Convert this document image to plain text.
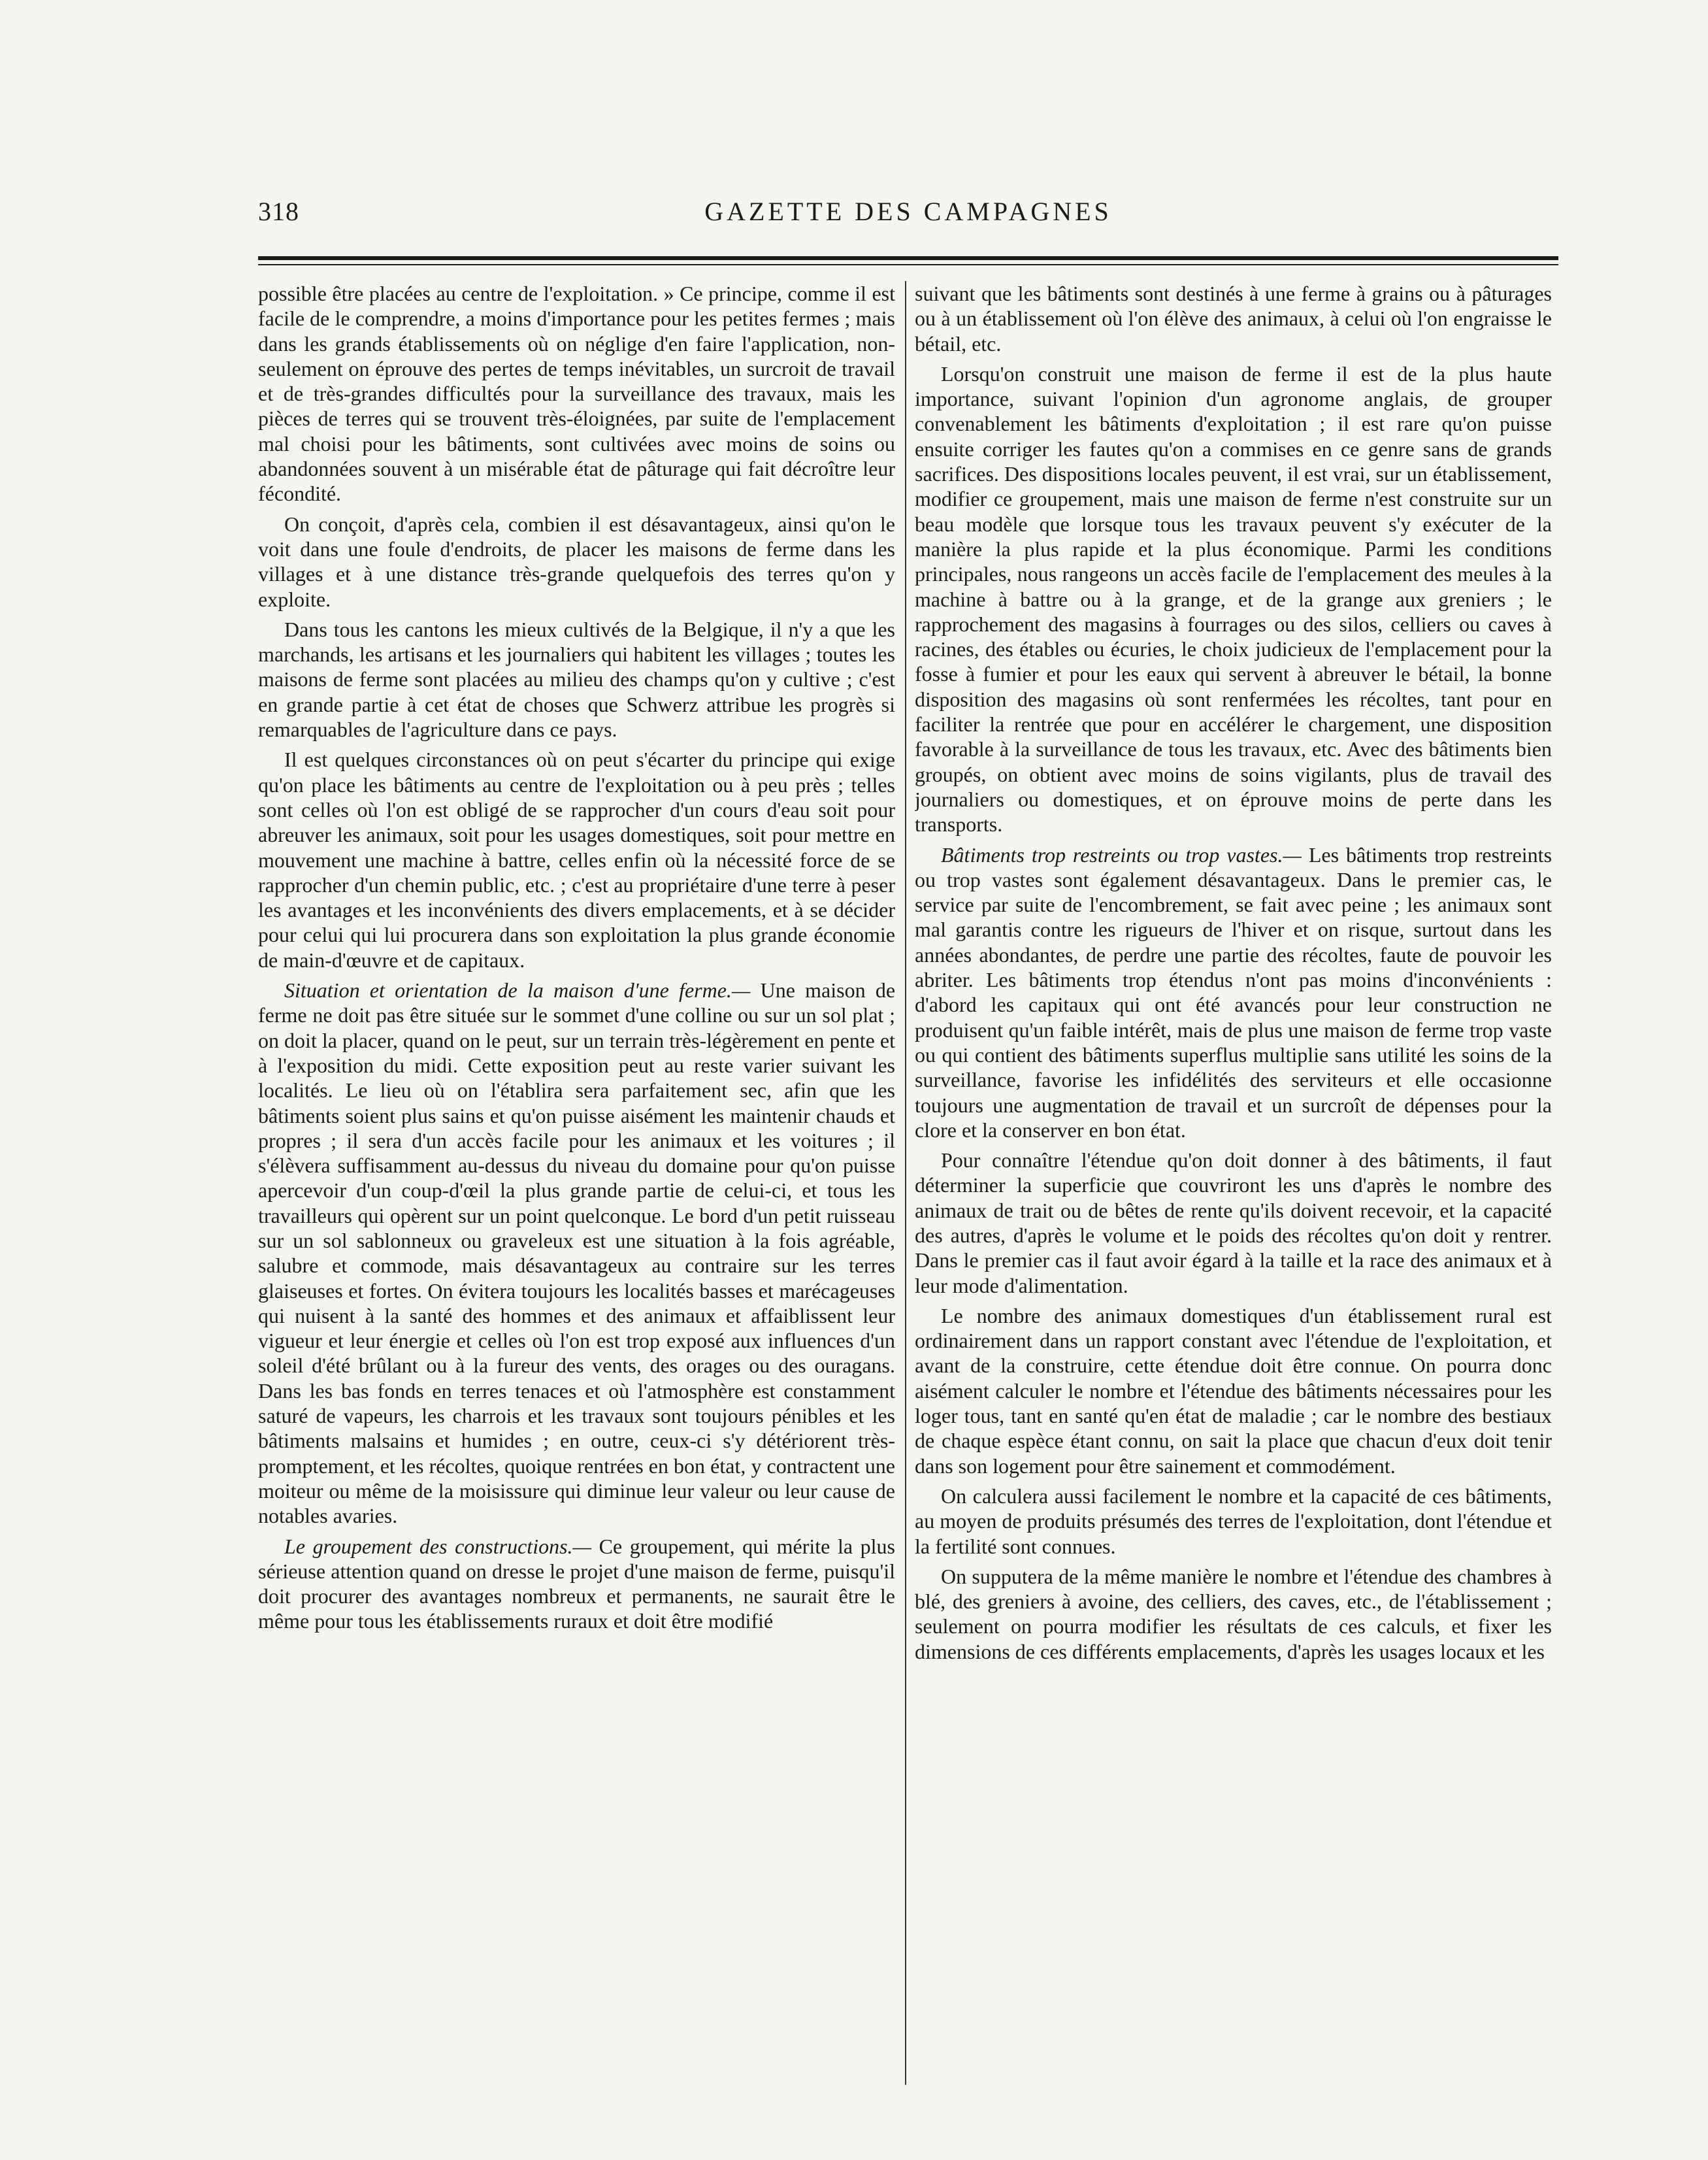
318	GAZETTE DES CAMPAGNES

possible être placées au centre de l'exploitation. » Ce principe, comme il est facile de le comprendre, a moins d'importance pour les petites fermes ; mais dans les grands établissements où on néglige d'en faire l'application, non-seulement on éprouve des pertes de temps inévitables, un surcroit de travail et de très-grandes difficultés pour la surveillance des travaux, mais les pièces de terres qui se trouvent très-éloignées, par suite de l'emplacement mal choisi pour les bâtiments, sont cultivées avec moins de soins ou abandonnées souvent à un misérable état de pâturage qui fait décroître leur fécondité.

On conçoit, d'après cela, combien il est désavantageux, ainsi qu'on le voit dans une foule d'endroits, de placer les maisons de ferme dans les villages et à une distance très-grande quelquefois des terres qu'on y exploite.

Dans tous les cantons les mieux cultivés de la Belgique, il n'y a que les marchands, les artisans et les journaliers qui habitent les villages ; toutes les maisons de ferme sont placées au milieu des champs qu'on y cultive ; c'est en grande partie à cet état de choses que Schwerz attribue les progrès si remarquables de l'agriculture dans ce pays.

Il est quelques circonstances où on peut s'écarter du principe qui exige qu'on place les bâtiments au centre de l'exploitation ou à peu près ; telles sont celles où l'on est obligé de se rapprocher d'un cours d'eau soit pour abreuver les animaux, soit pour les usages domestiques, soit pour mettre en mouvement une machine à battre, celles enfin où la nécessité force de se rapprocher d'un chemin public, etc. ; c'est au propriétaire d'une terre à peser les avantages et les inconvénients des divers emplacements, et à se décider pour celui qui lui procurera dans son exploitation la plus grande économie de main-d'œuvre et de capitaux.

Situation et orientation de la maison d'une ferme.— Une maison de ferme ne doit pas être située sur le sommet d'une colline ou sur un sol plat ; on doit la placer, quand on le peut, sur un terrain très-légèrement en pente et à l'exposition du midi. Cette exposition peut au reste varier suivant les localités. Le lieu où on l'établira sera parfaitement sec, afin que les bâtiments soient plus sains et qu'on puisse aisément les maintenir chauds et propres ; il sera d'un accès facile pour les animaux et les voitures ; il s'élèvera suffisamment au-dessus du niveau du domaine pour qu'on puisse apercevoir d'un coup-d'œil la plus grande partie de celui-ci, et tous les travailleurs qui opèrent sur un point quelconque. Le bord d'un petit ruisseau sur un sol sablonneux ou graveleux est une situation à la fois agréable, salubre et commode, mais désavantageux au contraire sur les terres glaiseuses et fortes. On évitera toujours les localités basses et marécageuses qui nuisent à la santé des hommes et des animaux et affaiblissent leur vigueur et leur énergie et celles où l'on est trop exposé aux influences d'un soleil d'été brûlant ou à la fureur des vents, des orages ou des ouragans. Dans les bas fonds en terres tenaces et où l'atmosphère est constamment saturé de vapeurs, les charrois et les travaux sont toujours pénibles et les bâtiments malsains et humides ; en outre, ceux-ci s'y détériorent très-promptement, et les récoltes, quoique rentrées en bon état, y contractent une moiteur ou même de la moisissure qui diminue leur valeur ou leur cause de notables avaries.

Le groupement des constructions.— Ce groupement, qui mérite la plus sérieuse attention quand on dresse le projet d'une maison de ferme, puisqu'il doit procurer des avantages nombreux et permanents, ne saurait être le même pour tous les établissements ruraux et doit être modifié

suivant que les bâtiments sont destinés à une ferme à grains ou à pâturages ou à un établissement où l'on élève des animaux, à celui où l'on engraisse le bétail, etc.

Lorsqu'on construit une maison de ferme il est de la plus haute importance, suivant l'opinion d'un agronome anglais, de grouper convenablement les bâtiments d'exploitation ; il est rare qu'on puisse ensuite corriger les fautes qu'on a commises en ce genre sans de grands sacrifices. Des dispositions locales peuvent, il est vrai, sur un établissement, modifier ce groupement, mais une maison de ferme n'est construite sur un beau modèle que lorsque tous les travaux peuvent s'y exécuter de la manière la plus rapide et la plus économique. Parmi les conditions principales, nous rangeons un accès facile de l'emplacement des meules à la machine à battre ou à la grange, et de la grange aux greniers ; le rapprochement des magasins à fourrages ou des silos, celliers ou caves à racines, des étables ou écuries, le choix judicieux de l'emplacement pour la fosse à fumier et pour les eaux qui servent à abreuver le bétail, la bonne disposition des magasins où sont renfermées les récoltes, tant pour en faciliter la rentrée que pour en accélérer le chargement, une disposition favorable à la surveillance de tous les travaux, etc. Avec des bâtiments bien groupés, on obtient avec moins de soins vigilants, plus de travail des journaliers ou domestiques, et on éprouve moins de perte dans les transports.

Bâtiments trop restreints ou trop vastes.— Les bâtiments trop restreints ou trop vastes sont également désavantageux. Dans le premier cas, le service par suite de l'encombrement, se fait avec peine ; les animaux sont mal garantis contre les rigueurs de l'hiver et on risque, surtout dans les années abondantes, de perdre une partie des récoltes, faute de pouvoir les abriter. Les bâtiments trop étendus n'ont pas moins d'inconvénients : d'abord les capitaux qui ont été avancés pour leur construction ne produisent qu'un faible intérêt, mais de plus une maison de ferme trop vaste ou qui contient des bâtiments superflus multiplie sans utilité les soins de la surveillance, favorise les infidélités des serviteurs et elle occasionne toujours une augmentation de travail et un surcroît de dépenses pour la clore et la conserver en bon état.

Pour connaître l'étendue qu'on doit donner à des bâtiments, il faut déterminer la superficie que couvriront les uns d'après le nombre des animaux de trait ou de bêtes de rente qu'ils doivent recevoir, et la capacité des autres, d'après le volume et le poids des récoltes qu'on doit y rentrer. Dans le premier cas il faut avoir égard à la taille et la race des animaux et à leur mode d'alimentation.

Le nombre des animaux domestiques d'un établissement rural est ordinairement dans un rapport constant avec l'étendue de l'exploitation, et avant de la construire, cette étendue doit être connue. On pourra donc aisément calculer le nombre et l'étendue des bâtiments nécessaires pour les loger tous, tant en santé qu'en état de maladie ; car le nombre des bestiaux de chaque espèce étant connu, on sait la place que chacun d'eux doit tenir dans son logement pour être sainement et commodément.

On calculera aussi facilement le nombre et la capacité de ces bâtiments, au moyen de produits présumés des terres de l'exploitation, dont l'étendue et la fertilité sont connues.

On supputera de la même manière le nombre et l'étendue des chambres à blé, des greniers à avoine, des celliers, des caves, etc., de l'établissement ; seulement on pourra modifier les résultats de ces calculs, et fixer les dimensions de ces différents emplacements, d'après les usages locaux et les
